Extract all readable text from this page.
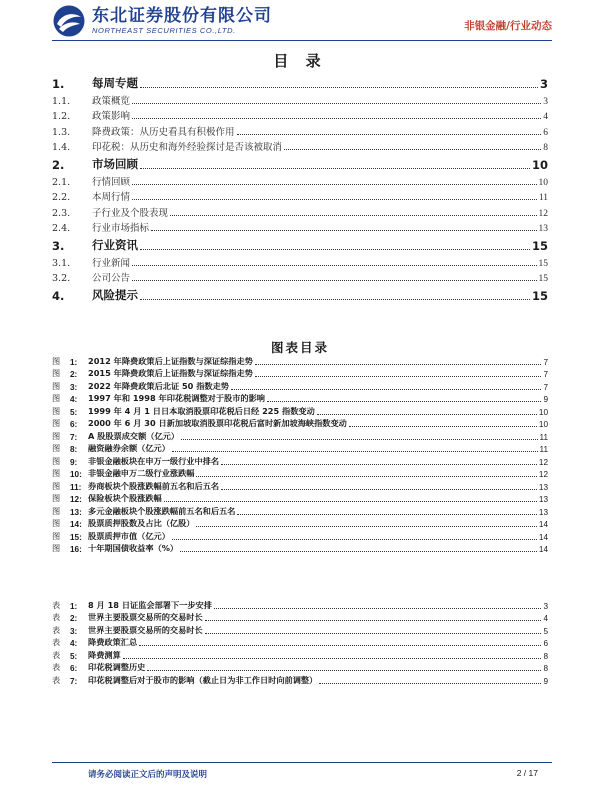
东北证券股份有限公司
NORTHEAST SECURITIES CO.,LTD.	非银金融/行业动态
目 录
1.	每周专题	3
1.1.	政策概览	3
1.2.	政策影响	4
1.3.	降费政策：从历史看具有积极作用	6
1.4.	印花税：从历史和海外经验探讨是否该被取消	8
2.	市场回顾	10
2.1.	行情回顾	10
2.2.	本周行情	11
2.3.	子行业及个股表现	12
2.4.	行业市场指标	13
3.	行业资讯	15
3.1.	行业新闻	15
3.2.	公司公告	15
4.	风险提示	15
图表目录
图	1:	2012 年降费政策后上证指数与深证综指走势	7
图	2:	2015 年降费政策后上证指数与深证综指走势	7
图	3:	2022 年降费政策后北证 50 指数走势	7
图	4:	1997 年和 1998 年印花税调整对于股市的影响	9
图	5:	1999 年 4 月 1 日日本取消股票印花税后日经 225 指数变动	10
图	6:	2000 年 6 月 30 日新加坡取消股票印花税后富时新加坡海峡指数变动	10
图	7:	A 股股票成交额（亿元）	11
图	8:	融资融券余额（亿元）	11
图	9:	非银金融板块在申万一级行业中排名	12
图	10: 非银金融申万二级行业涨跌幅	12
图	11: 券商板块个股涨跌幅前五名和后五名	13
图	12: 保险板块个股涨跌幅	13
图	13: 多元金融板块个股涨跌幅前五名和后五名	13
图	14: 股票质押股数及占比（亿股）	14
图	15: 股票质押市值（亿元）	14
图	16: 十年期国债收益率（%）	14
表	1:	8 月 18 日证监会部署下一步安排	3
表	2:	世界主要股票交易所的交易时长	4
表	3:	世界主要股票交易所的交易时长	5
表	4:	降费政策汇总	6
表	5:	降费测算	8
表	6:	印花税调整历史	8
表	7:	印花税调整后对于股市的影响（截止日为非工作日时向前调整）	9
请务必阅读正文后的声明及说明	2 / 17
